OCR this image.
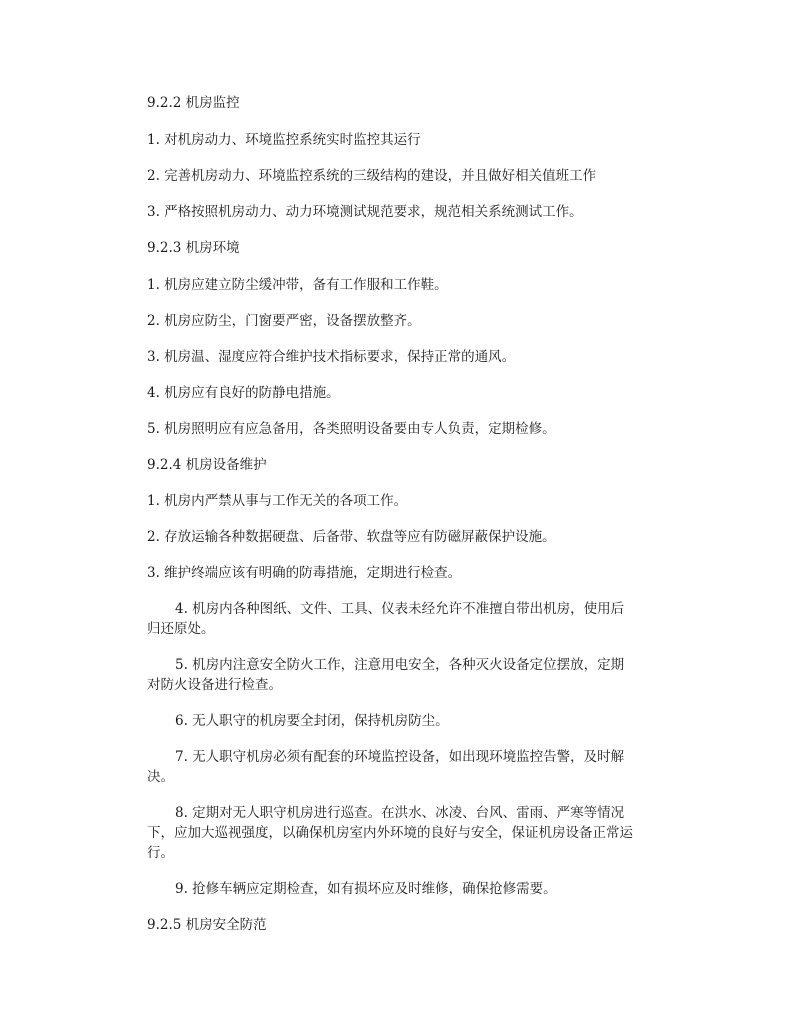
9.2.2 机房监控
1. 对机房动力、环境监控系统实时监控其运行
2. 完善机房动力、环境监控系统的三级结构的建设，并且做好相关值班工作
3. 严格按照机房动力、动力环境测试规范要求，规范相关系统测试工作。
9.2.3 机房环境
1. 机房应建立防尘缓冲带，备有工作服和工作鞋。
2. 机房应防尘，门窗要严密，设备摆放整齐。
3. 机房温、湿度应符合维护技术指标要求，保持正常的通风。
4. 机房应有良好的防静电措施。
5. 机房照明应有应急备用，各类照明设备要由专人负责，定期检修。
9.2.4 机房设备维护
1. 机房内严禁从事与工作无关的各项工作。
2. 存放运输各种数据硬盘、后备带、软盘等应有防磁屏蔽保护设施。
3. 维护终端应该有明确的防毒措施，定期进行检查。
4. 机房内各种图纸、文件、工具、仪表未经允许不准擅自带出机房，使用后
归还原处。
5. 机房内注意安全防火工作，注意用电安全，各种灭火设备定位摆放，定期
对防火设备进行检查。
6. 无人职守的机房要全封闭，保持机房防尘。
7. 无人职守机房必须有配套的环境监控设备，如出现环境监控告警，及时解
决。
8. 定期对无人职守机房进行巡查。在洪水、冰凌、台风、雷雨、严寒等情况
下，应加大巡视强度，以确保机房室内外环境的良好与安全，保证机房设备正常运
行。
9. 抢修车辆应定期检查，如有损坏应及时维修，确保抢修需要。
9.2.5 机房安全防范
